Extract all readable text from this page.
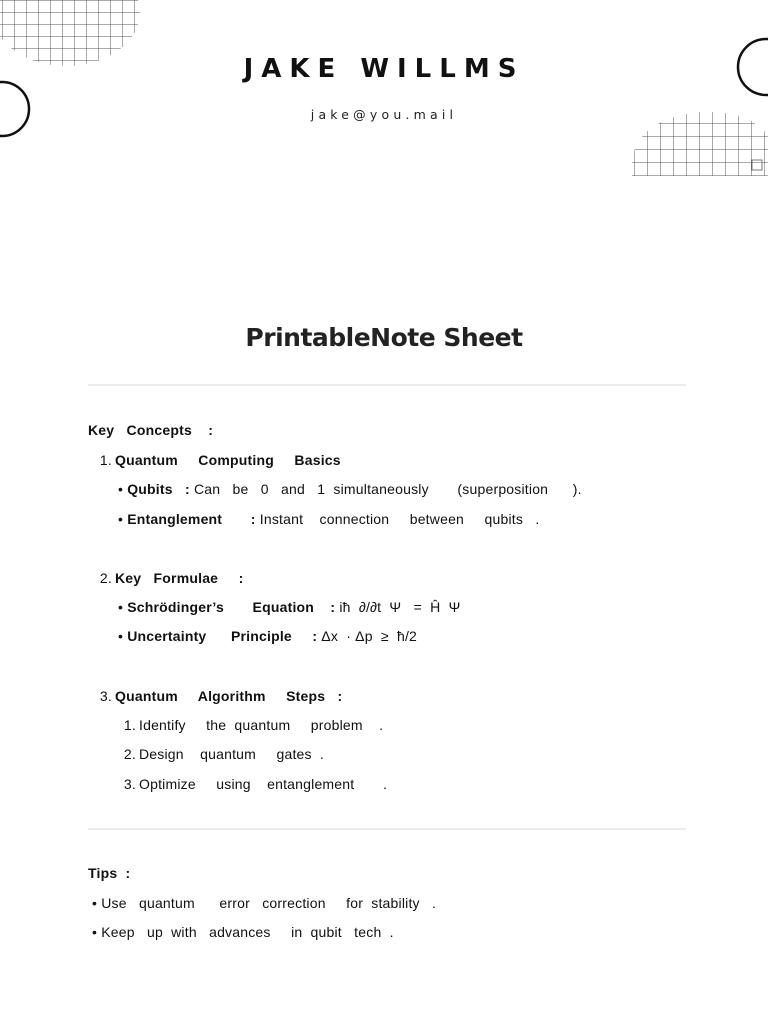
JAKE WILLMS
jake@you.mail
PrintableNote Sheet
Key   Concepts    :
1. Quantum     Computing     Basics
• Qubits   : Can   be   0   and   1  simultaneously       (superposition      ).
• Entanglement       : Instant    connection     between     qubits   .
2. Key   Formulae     :
• Schrödinger’s       Equation    : iħ  ∂/∂t  Ψ   =  Ĥ  Ψ
• Uncertainty      Principle     : Δx  · Δp  ≥  ħ/2
3. Quantum     Algorithm     Steps   :
1. Identify     the  quantum     problem    .
2. Design    quantum     gates  .
3. Optimize     using    entanglement       .
Tips  :
• Use   quantum      error   correction     for  stability   .
• Keep   up  with   advances     in  qubit   tech  .
